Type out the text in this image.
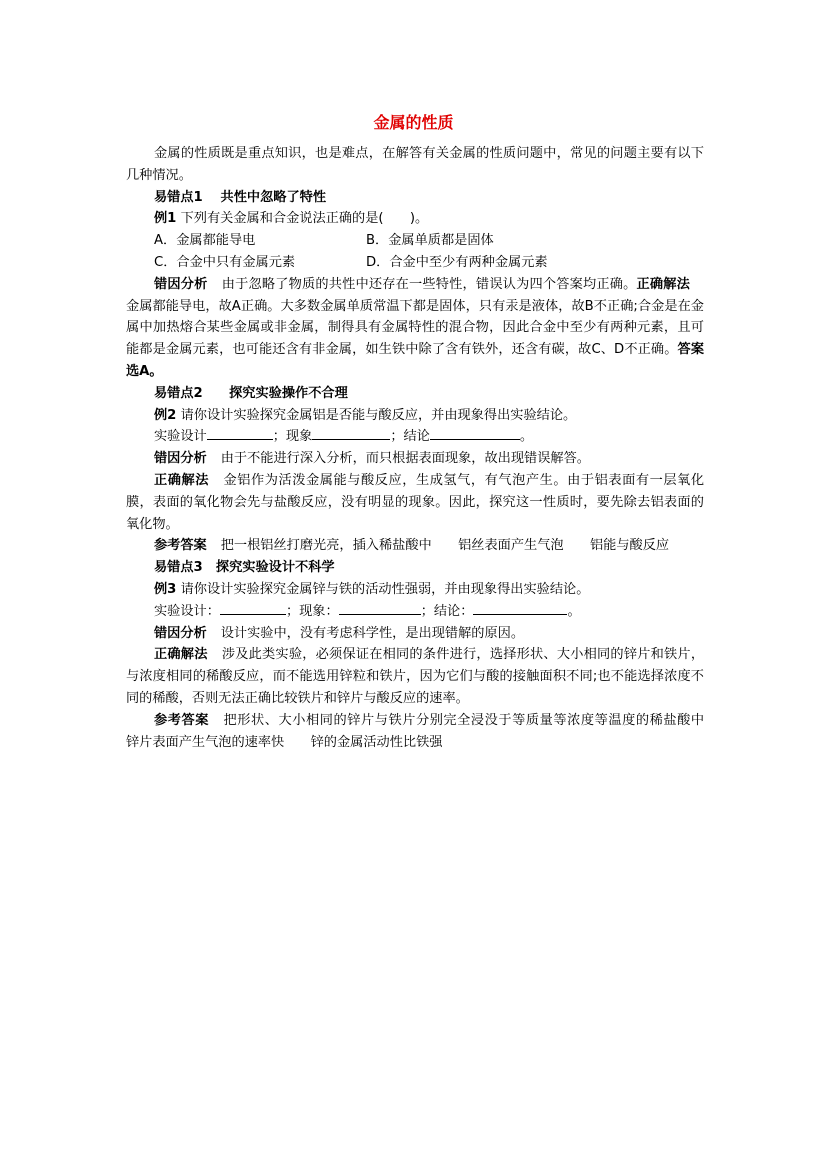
金属的性质

金属的性质既是重点知识，也是难点，在解答有关金属的性质问题中，常见的问题主要有以下几种情况。

易错点1　 共性中忽略了特性

例1 下列有关金属和合金说法正确的是(　　)。

A．金属都能导电	B．金属单质都是固体
C．合金中只有金属元素	D．合金中至少有两种金属元素

错因分析 由于忽略了物质的共性中还存在一些特性，错误认为四个答案均正确。正确解法金属都能导电，故A正确。大多数金属单质常温下都是固体，只有汞是液体，故B不正确;合金是在金属中加热熔合某些金属或非金属，制得具有金属特性的混合物，因此合金中至少有两种元素，且可能都是金属元素，也可能还含有非金属，如生铁中除了含有铁外，还含有碳，故C、D不正确。答案选A。

易错点2　　探究实验操作不合理

例2 请你设计实验探究金属铝是否能与酸反应，并由现象得出实验结论。

实验设计	；现象	；结论	。

错因分析 由于不能进行深入分析，而只根据表面现象，故出现错误解答。

正确解法 金铝作为活泼金属能与酸反应，生成氢气，有气泡产生。由于铝表面有一层氧化膜，表面的氧化物会先与盐酸反应，没有明显的现象。因此，探究这一性质时，要先除去铝表面的氧化物。

参考答案 把一根铝丝打磨光亮，插入稀盐酸中　　铝丝表面产生气泡　　铝能与酸反应

易错点3　探究实验设计不科学

例3 请你设计实验探究金属锌与铁的活动性强弱，并由现象得出实验结论。

实验设计：	；现象：	；结论：	。

错因分析 设计实验中，没有考虑科学性，是出现错解的原因。

正确解法 涉及此类实验，必须保证在相同的条件进行，选择形状、大小相同的锌片和铁片，与浓度相同的稀酸反应，而不能选用锌粒和铁片，因为它们与酸的接触面积不同;也不能选择浓度不同的稀酸，否则无法正确比较铁片和锌片与酸反应的速率。

参考答案 把形状、大小相同的锌片与铁片分别完全浸没于等质量等浓度等温度的稀盐酸中　锌片表面产生气泡的速率快　　锌的金属活动性比铁强
